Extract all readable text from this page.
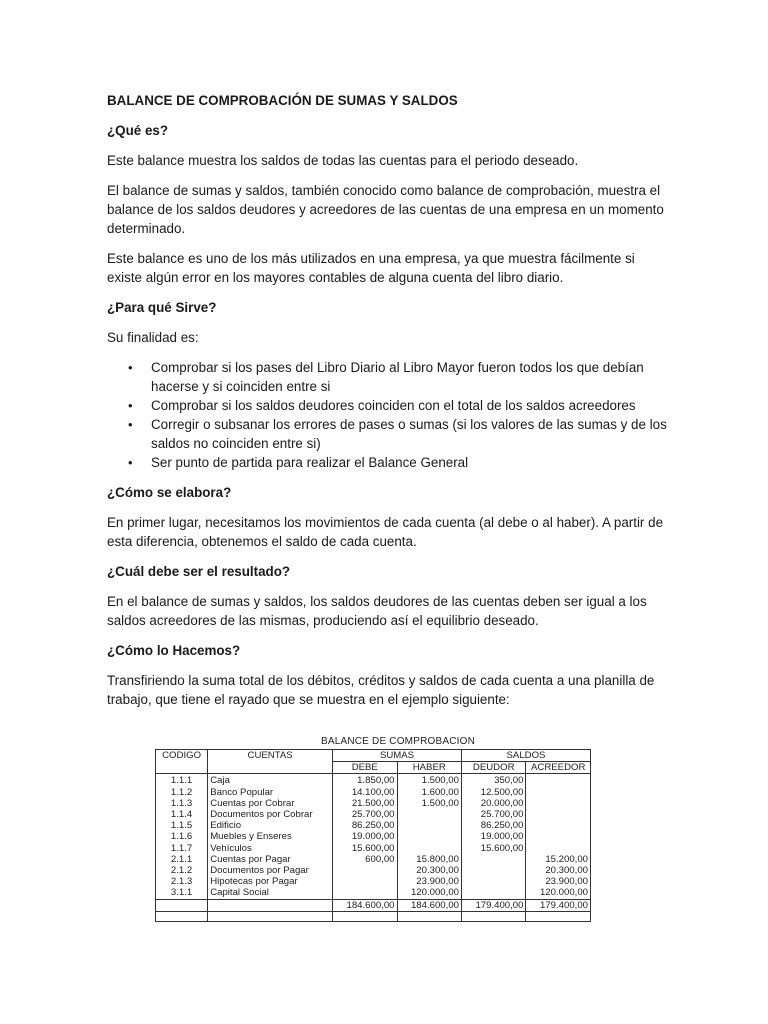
BALANCE DE COMPROBACIÓN DE SUMAS Y SALDOS

¿Qué es?

Este balance muestra los saldos de todas las cuentas para el periodo deseado.

El balance de sumas y saldos, también conocido como balance de comprobación, muestra el balance de los saldos deudores y acreedores de las cuentas de una empresa en un momento determinado.

Este balance es uno de los más utilizados en una empresa, ya que muestra fácilmente si existe algún error en los mayores contables de alguna cuenta del libro diario.

¿Para qué Sirve?

Su finalidad es:

• Comprobar si los pases del Libro Diario al Libro Mayor fueron todos los que debían hacerse y si coinciden entre si
• Comprobar si los saldos deudores coinciden con el total de los saldos acreedores
• Corregir o subsanar los errores de pases o sumas (si los valores de las sumas y de los saldos no coinciden entre si)
• Ser punto de partida para realizar el Balance General

¿Cómo se elabora?

En primer lugar, necesitamos los movimientos de cada cuenta (al debe o al haber). A partir de esta diferencia, obtenemos el saldo de cada cuenta.

¿Cuál debe ser el resultado?

En el balance de sumas y saldos, los saldos deudores de las cuentas deben ser igual a los saldos acreedores de las mismas, produciendo así el equilibrio deseado.

¿Cómo lo Hacemos?

Transfiriendo la suma total de los débitos, créditos y saldos de cada cuenta a una planilla de trabajo, que tiene el rayado que se muestra en el ejemplo siguiente:

BALANCE DE COMPROBACION
CODIGO	CUENTAS	SUMAS		SALDOS	
		DEBE	HABER	DEUDOR	ACREEDOR
1.1.1	Caja	1.850,00	1.500,00	350,00	
1.1.2	Banco Popular	14.100,00	1.600,00	12.500,00	
1.1.3	Cuentas por Cobrar	21.500,00	1.500,00	20.000,00	
1.1.4	Documentos por Cobrar	25.700,00		25.700,00	
1.1.5	Edificio	86.250,00		86.250,00	
1.1.6	Muebles y Enseres	19.000,00		19.000,00	
1.1.7	Vehículos	15.600,00		15.600,00	
2.1.1	Cuentas por Pagar	600,00	15.800,00		15.200,00
2.1.2	Documentos por Pagar		20.300,00		20.300,00
2.1.3	Hipotecas por Pagar		23.900,00		23.900,00
3.1.1	Capital Social		120.000,00		120.000,00
		184.600,00	184.600,00	179.400,00	179.400,00
